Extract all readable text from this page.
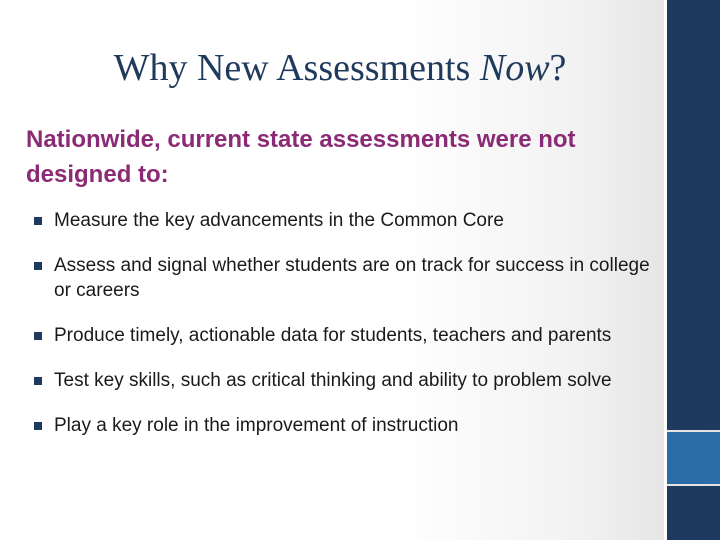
Why New Assessments Now?

Nationwide, current state assessments were not designed to:

Measure the key advancements in the Common Core
Assess and signal whether students are on track for success in college or careers
Produce timely, actionable data for students, teachers and parents
Test key skills, such as critical thinking and ability to problem solve
Play a key role in the improvement of instruction
